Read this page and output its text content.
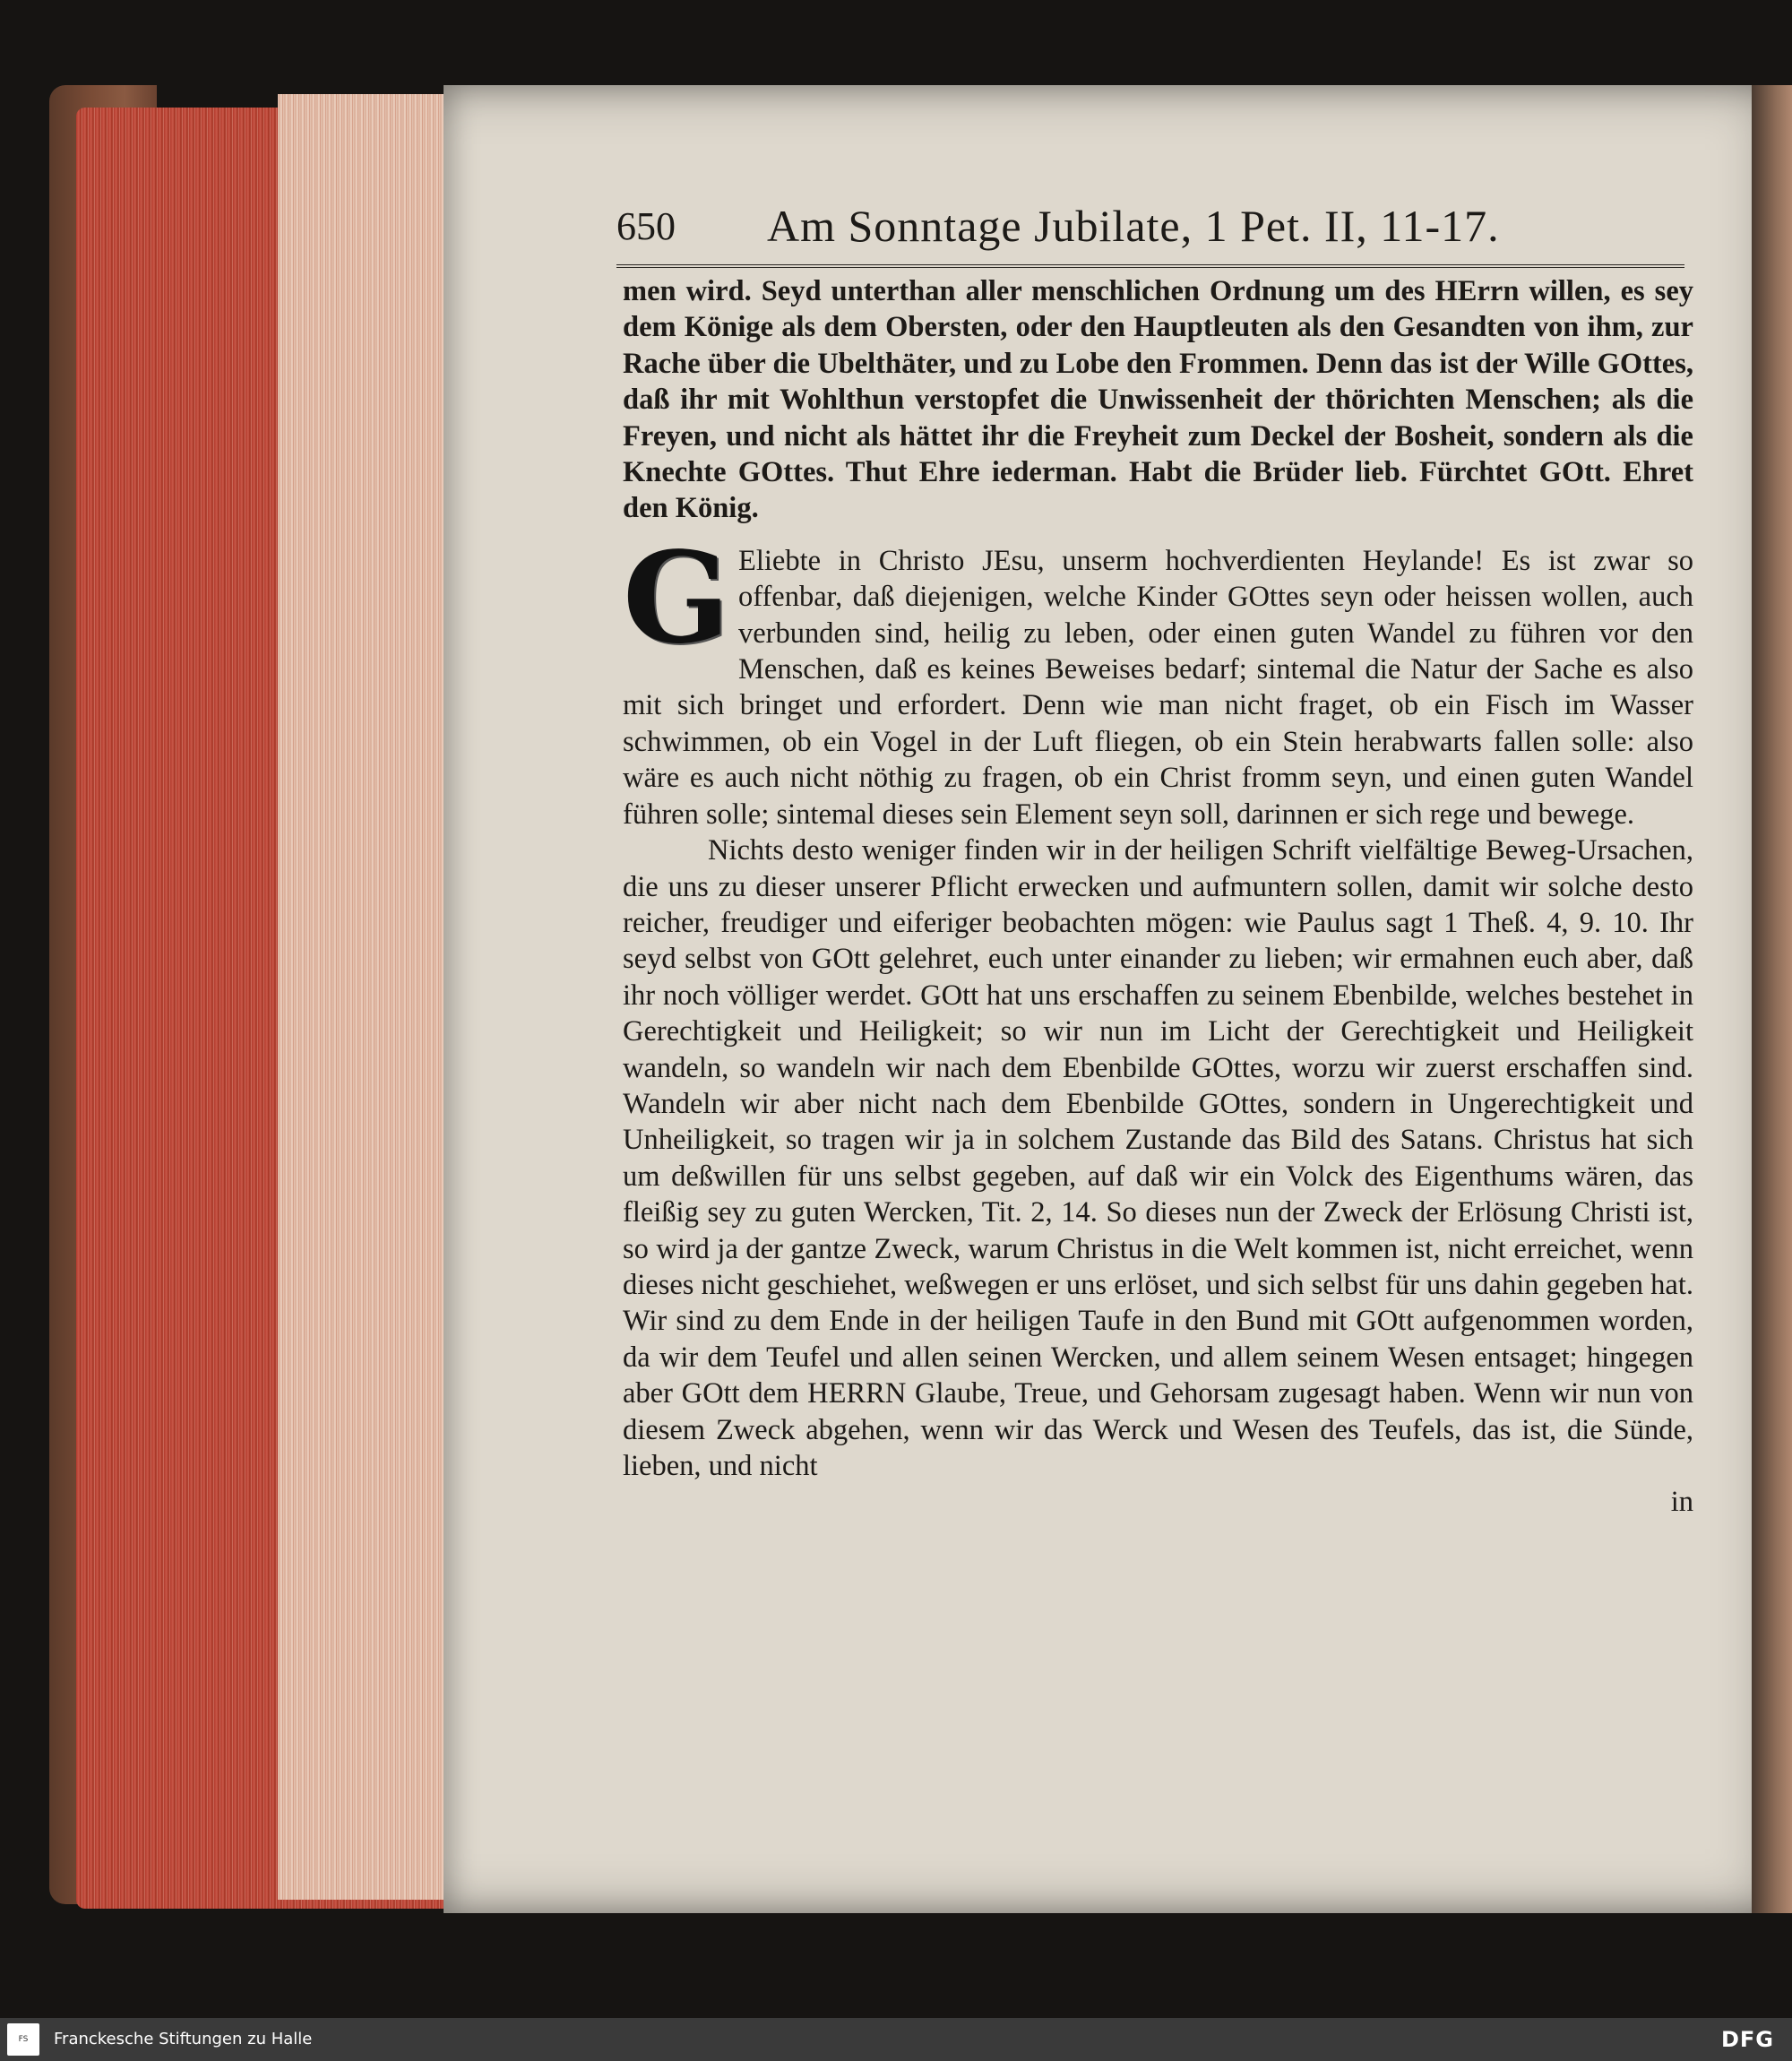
650 Am Sonntage Jubilate, 1 Pet. II, 11-17.

men wird. Seyd unterthan aller menschlichen Ordnung um des HErrn willen, es sey dem Könige als dem Obersten, oder den Hauptleuten als den Gesandten von ihm, zur Rache über die Ubelthäter, und zu Lobe den Frommen. Denn das ist der Wille GOttes, daß ihr mit Wohlthun verstopfet die Unwissenheit der thörichten Menschen; als die Freyen, und nicht als hättet ihr die Freyheit zum Deckel der Bosheit, sondern als die Knechte GOttes. Thut Ehre iederman. Habt die Brüder lieb. Fürchtet GOtt. Ehret den König.

G Eliebte in Christo JEsu, unserm hochverdienten Heylande! Es ist zwar so offenbar, daß diejenigen, welche Kinder GOttes seyn oder heissen wollen, auch verbunden sind, heilig zu leben, oder einen guten Wandel zu führen vor den Menschen, daß es keines Beweises bedarf; sintemal die Natur der Sache es also mit sich bringet und erfordert. Denn wie man nicht fraget, ob ein Fisch im Wasser schwimmen, ob ein Vogel in der Luft fliegen, ob ein Stein herabwarts fallen solle: also wäre es auch nicht nöthig zu fragen, ob ein Christ fromm seyn, und einen guten Wandel führen solle; sintemal dieses sein Element seyn soll, darinnen er sich rege und bewege.

Nichts desto weniger finden wir in der heiligen Schrift vielfältige Beweg-Ursachen, die uns zu dieser unserer Pflicht erwecken und aufmuntern sollen, damit wir solche desto reicher, freudiger und eiferiger beobachten mögen: wie Paulus sagt 1 Theß. 4, 9. 10. Ihr seyd selbst von GOtt gelehret, euch unter einander zu lieben; wir ermahnen euch aber, daß ihr noch völliger werdet. GOtt hat uns erschaffen zu seinem Ebenbilde, welches bestehet in Gerechtigkeit und Heiligkeit; so wir nun im Licht der Gerechtigkeit und Heiligkeit wandeln, so wandeln wir nach dem Ebenbilde GOttes, worzu wir zuerst erschaffen sind. Wandeln wir aber nicht nach dem Ebenbilde GOttes, sondern in Ungerechtigkeit und Unheiligkeit, so tragen wir ja in solchem Zustande das Bild des Satans. Christus hat sich um deßwillen für uns selbst gegeben, auf daß wir ein Volck des Eigenthums wären, das fleißig sey zu guten Wercken, Tit. 2, 14. So dieses nun der Zweck der Erlösung Christi ist, so wird ja der gantze Zweck, warum Christus in die Welt kommen ist, nicht erreichet, wenn dieses nicht geschiehet, weßwegen er uns erlöset, und sich selbst für uns dahin gegeben hat. Wir sind zu dem Ende in der heiligen Taufe in den Bund mit GOtt aufgenommen worden, da wir dem Teufel und allen seinen Wercken, und allem seinem Wesen entsaget; hingegen aber GOtt dem HERRN Glaube, Treue, und Gehorsam zugesagt haben. Wenn wir nun von diesem Zweck abgehen, wenn wir das Werck und Wesen des Teufels, das ist, die Sünde, lieben, und nicht

in

FS	Franckesche Stiftungen zu Halle	DFG
